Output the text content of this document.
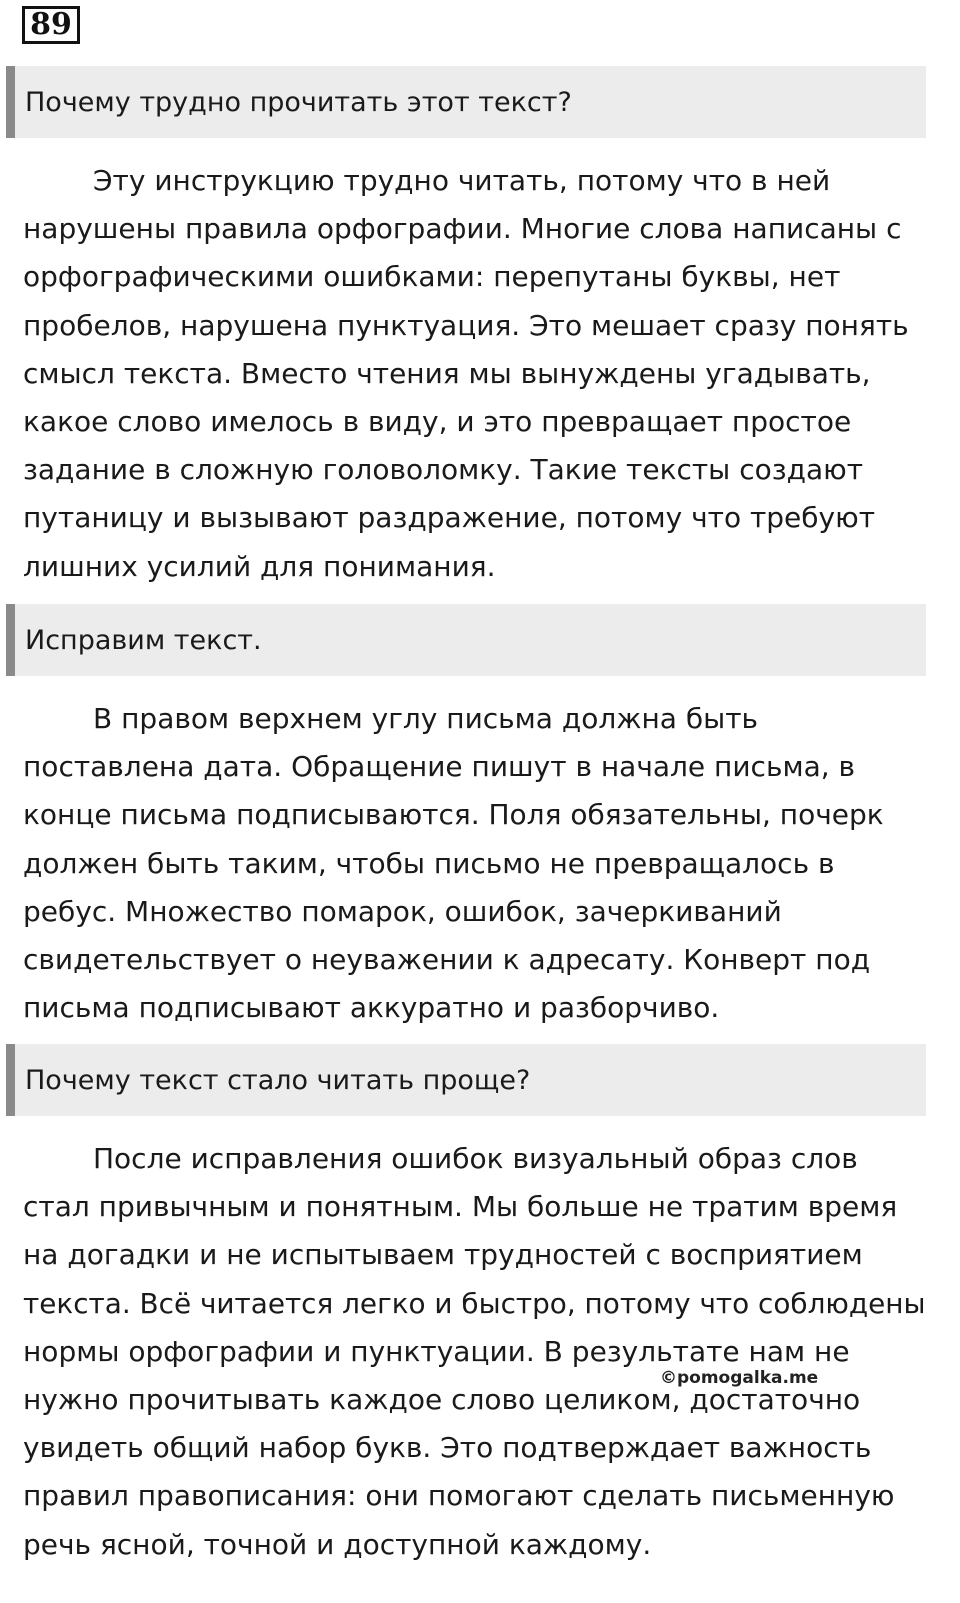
89
Почему трудно прочитать этот текст?
Эту инструкцию трудно читать, потому что в ней
нарушены правила орфографии. Многие слова написаны с
орфографическими ошибками: перепутаны буквы, нет
пробелов, нарушена пунктуация. Это мешает сразу понять
смысл текста. Вместо чтения мы вынуждены угадывать,
какое слово имелось в виду, и это превращает простое
задание в сложную головоломку. Такие тексты создают
путаницу и вызывают раздражение, потому что требуют
лишних усилий для понимания.
Исправим текст.
В правом верхнем углу письма должна быть
поставлена дата. Обращение пишут в начале письма, в
конце письма подписываются. Поля обязательны, почерк
должен быть таким, чтобы письмо не превращалось в
ребус. Множество помарок, ошибок, зачеркиваний
свидетельствует о неуважении к адресату. Конверт под
письма подписывают аккуратно и разборчиво.
Почему текст стало читать проще?
После исправления ошибок визуальный образ слов
стал привычным и понятным. Мы больше не тратим время
на догадки и не испытываем трудностей с восприятием
текста. Всё читается легко и быстро, потому что соблюдены
нормы орфографии и пунктуации. В результате нам не
нужно прочитывать каждое слово целиком, достаточно
увидеть общий набор букв. Это подтверждает важность
правил правописания: они помогают сделать письменную
речь ясной, точной и доступной каждому.
©pomogalka.me
